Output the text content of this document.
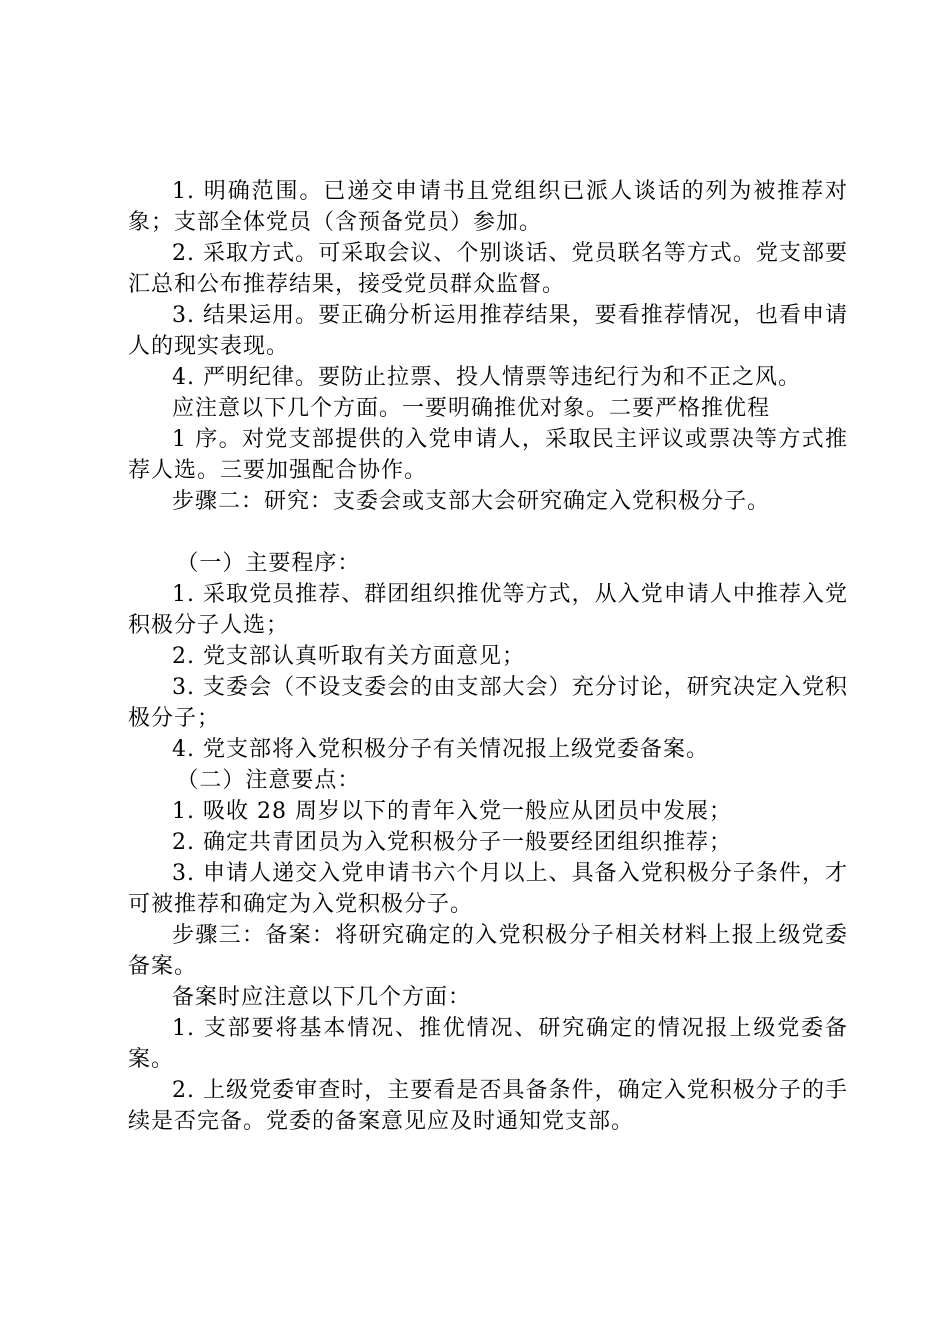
1. 明确范围。已递交申请书且党组织已派人谈话的列为被推荐对象；支部全体党员（含预备党员）参加。

2. 采取方式。可采取会议、个别谈话、党员联名等方式。党支部要汇总和公布推荐结果，接受党员群众监督。

3. 结果运用。要正确分析运用推荐结果，要看推荐情况，也看申请人的现实表现。

4. 严明纪律。要防止拉票、投人情票等违纪行为和不正之风。

应注意以下几个方面。一要明确推优对象。二要严格推优程

1 序。对党支部提供的入党申请人，采取民主评议或票决等方式推荐人选。三要加强配合协作。

步骤二：研究：支委会或支部大会研究确定入党积极分子。

（一）主要程序：

1. 采取党员推荐、群团组织推优等方式，从入党申请人中推荐入党积极分子人选；

2. 党支部认真听取有关方面意见；

3. 支委会（不设支委会的由支部大会）充分讨论，研究决定入党积极分子；

4. 党支部将入党积极分子有关情况报上级党委备案。

（二）注意要点：

1. 吸收 28 周岁以下的青年入党一般应从团员中发展；

2. 确定共青团员为入党积极分子一般要经团组织推荐；

3. 申请人递交入党申请书六个月以上、具备入党积极分子条件，才可被推荐和确定为入党积极分子。

步骤三：备案：将研究确定的入党积极分子相关材料上报上级党委备案。

备案时应注意以下几个方面：

1. 支部要将基本情况、推优情况、研究确定的情况报上级党委备案。

2. 上级党委审查时，主要看是否具备条件，确定入党积极分子的手续是否完备。党委的备案意见应及时通知党支部。
